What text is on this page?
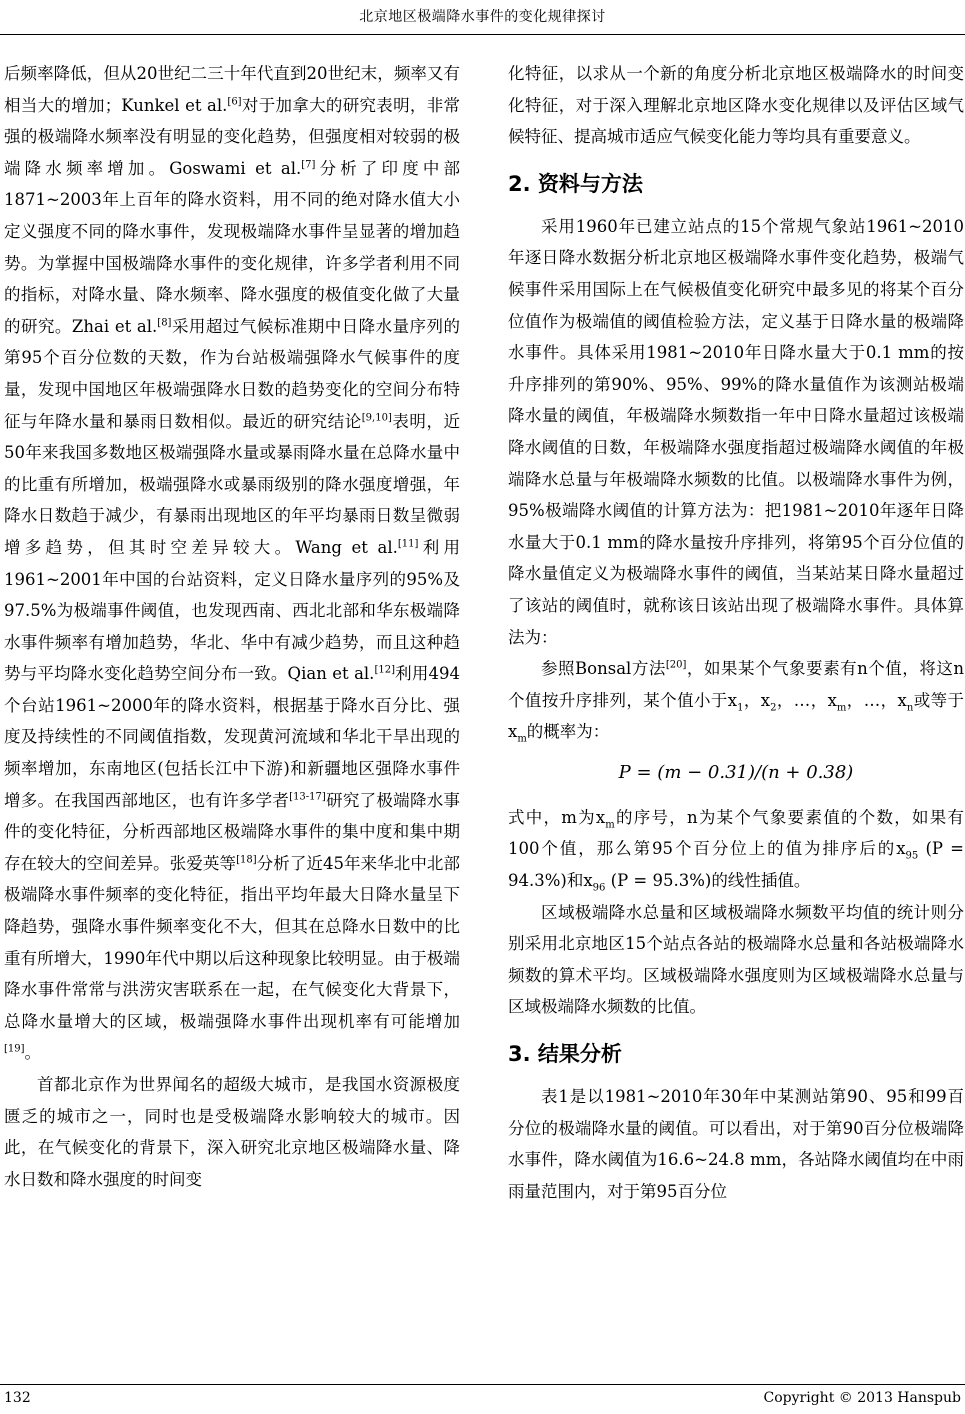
北京地区极端降水事件的变化规律探讨

后频率降低，但从20世纪二三十年代直到20世纪末，频率又有相当大的增加；Kunkel et al.[6]对于加拿大的研究表明，非常强的极端降水频率没有明显的变化趋势，但强度相对较弱的极端降水频率增加。Goswami et al.[7]分析了印度中部1871~2003年上百年的降水资料，用不同的绝对降水值大小定义强度不同的降水事件，发现极端降水事件呈显著的增加趋势。为掌握中国极端降水事件的变化规律，许多学者利用不同的指标，对降水量、降水频率、降水强度的极值变化做了大量的研究。Zhai et al.[8]采用超过气候标准期中日降水量序列的第95个百分位数的天数，作为台站极端强降水气候事件的度量，发现中国地区年极端强降水日数的趋势变化的空间分布特征与年降水量和暴雨日数相似。最近的研究结论[9,10]表明，近50年来我国多数地区极端强降水量或暴雨降水量在总降水量中的比重有所增加，极端强降水或暴雨级别的降水强度增强，年降水日数趋于减少，有暴雨出现地区的年平均暴雨日数呈微弱增多趋势，但其时空差异较大。Wang et al.[11]利用1961~2001年中国的台站资料，定义日降水量序列的95%及97.5%为极端事件阈值，也发现西南、西北北部和华东极端降水事件频率有增加趋势，华北、华中有减少趋势，而且这种趋势与平均降水变化趋势空间分布一致。Qian et al.[12]利用494个台站1961~2000年的降水资料，根据基于降水百分比、强度及持续性的不同阈值指数，发现黄河流域和华北干旱出现的频率增加，东南地区(包括长江中下游)和新疆地区强降水事件增多。在我国西部地区，也有许多学者[13-17]研究了极端降水事件的变化特征，分析西部地区极端降水事件的集中度和集中期存在较大的空间差异。张爱英等[18]分析了近45年来华北中北部极端降水事件频率的变化特征，指出平均年最大日降水量呈下降趋势，强降水事件频率变化不大，但其在总降水日数中的比重有所增大，1990年代中期以后这种现象比较明显。由于极端降水事件常常与洪涝灾害联系在一起，在气候变化大背景下，总降水量增大的区域，极端强降水事件出现机率有可能增加[19]。

首都北京作为世界闻名的超级大城市，是我国水资源极度匮乏的城市之一，同时也是受极端降水影响较大的城市。因此，在气候变化的背景下，深入研究北京地区极端降水量、降水日数和降水强度的时间变

化特征，以求从一个新的角度分析北京地区极端降水的时间变化特征，对于深入理解北京地区降水变化规律以及评估区域气候特征、提高城市适应气候变化能力等均具有重要意义。

2. 资料与方法

采用1960年已建立站点的15个常规气象站1961~2010年逐日降水数据分析北京地区极端降水事件变化趋势，极端气候事件采用国际上在气候极值变化研究中最多见的将某个百分位值作为极端值的阈值检验方法，定义基于日降水量的极端降水事件。具体采用1981~2010年日降水量大于0.1 mm的按升序排列的第90%、95%、99%的降水量值作为该测站极端降水量的阈值，年极端降水频数指一年中日降水量超过该极端降水阈值的日数，年极端降水强度指超过极端降水阈值的年极端降水总量与年极端降水频数的比值。以极端降水事件为例，95%极端降水阈值的计算方法为：把1981~2010年逐年日降水量大于0.1 mm的降水量按升序排列，将第95个百分位值的降水量值定义为极端降水事件的阈值，当某站某日降水量超过了该站的阈值时，就称该日该站出现了极端降水事件。具体算法为：

参照Bonsal方法[20]，如果某个气象要素有n个值，将这n个值按升序排列，某个值小于$x_1$，$x_2$，…，$x_m$，…，$x_n$或等于$x_m$的概率为：

P = (m − 0.31)/(n + 0.38)

式中，m为$x_m$的序号，n为某个气象要素值的个数，如果有100个值，那么第95个百分位上的值为排序后的$x_{95}$ (P = 94.3%)和$x_{96}$ (P = 95.3%)的线性插值。

区域极端降水总量和区域极端降水频数平均值的统计则分别采用北京地区15个站点各站的极端降水总量和各站极端降水频数的算术平均。区域极端降水强度则为区域极端降水总量与区域极端降水频数的比值。

3. 结果分析

表1是以1981~2010年30年中某测站第90、95和99百分位的极端降水量的阈值。可以看出，对于第90百分位极端降水事件，降水阈值为16.6~24.8 mm，各站降水阈值均在中雨雨量范围内，对于第95百分位

132	Copyright © 2013 Hanspub
